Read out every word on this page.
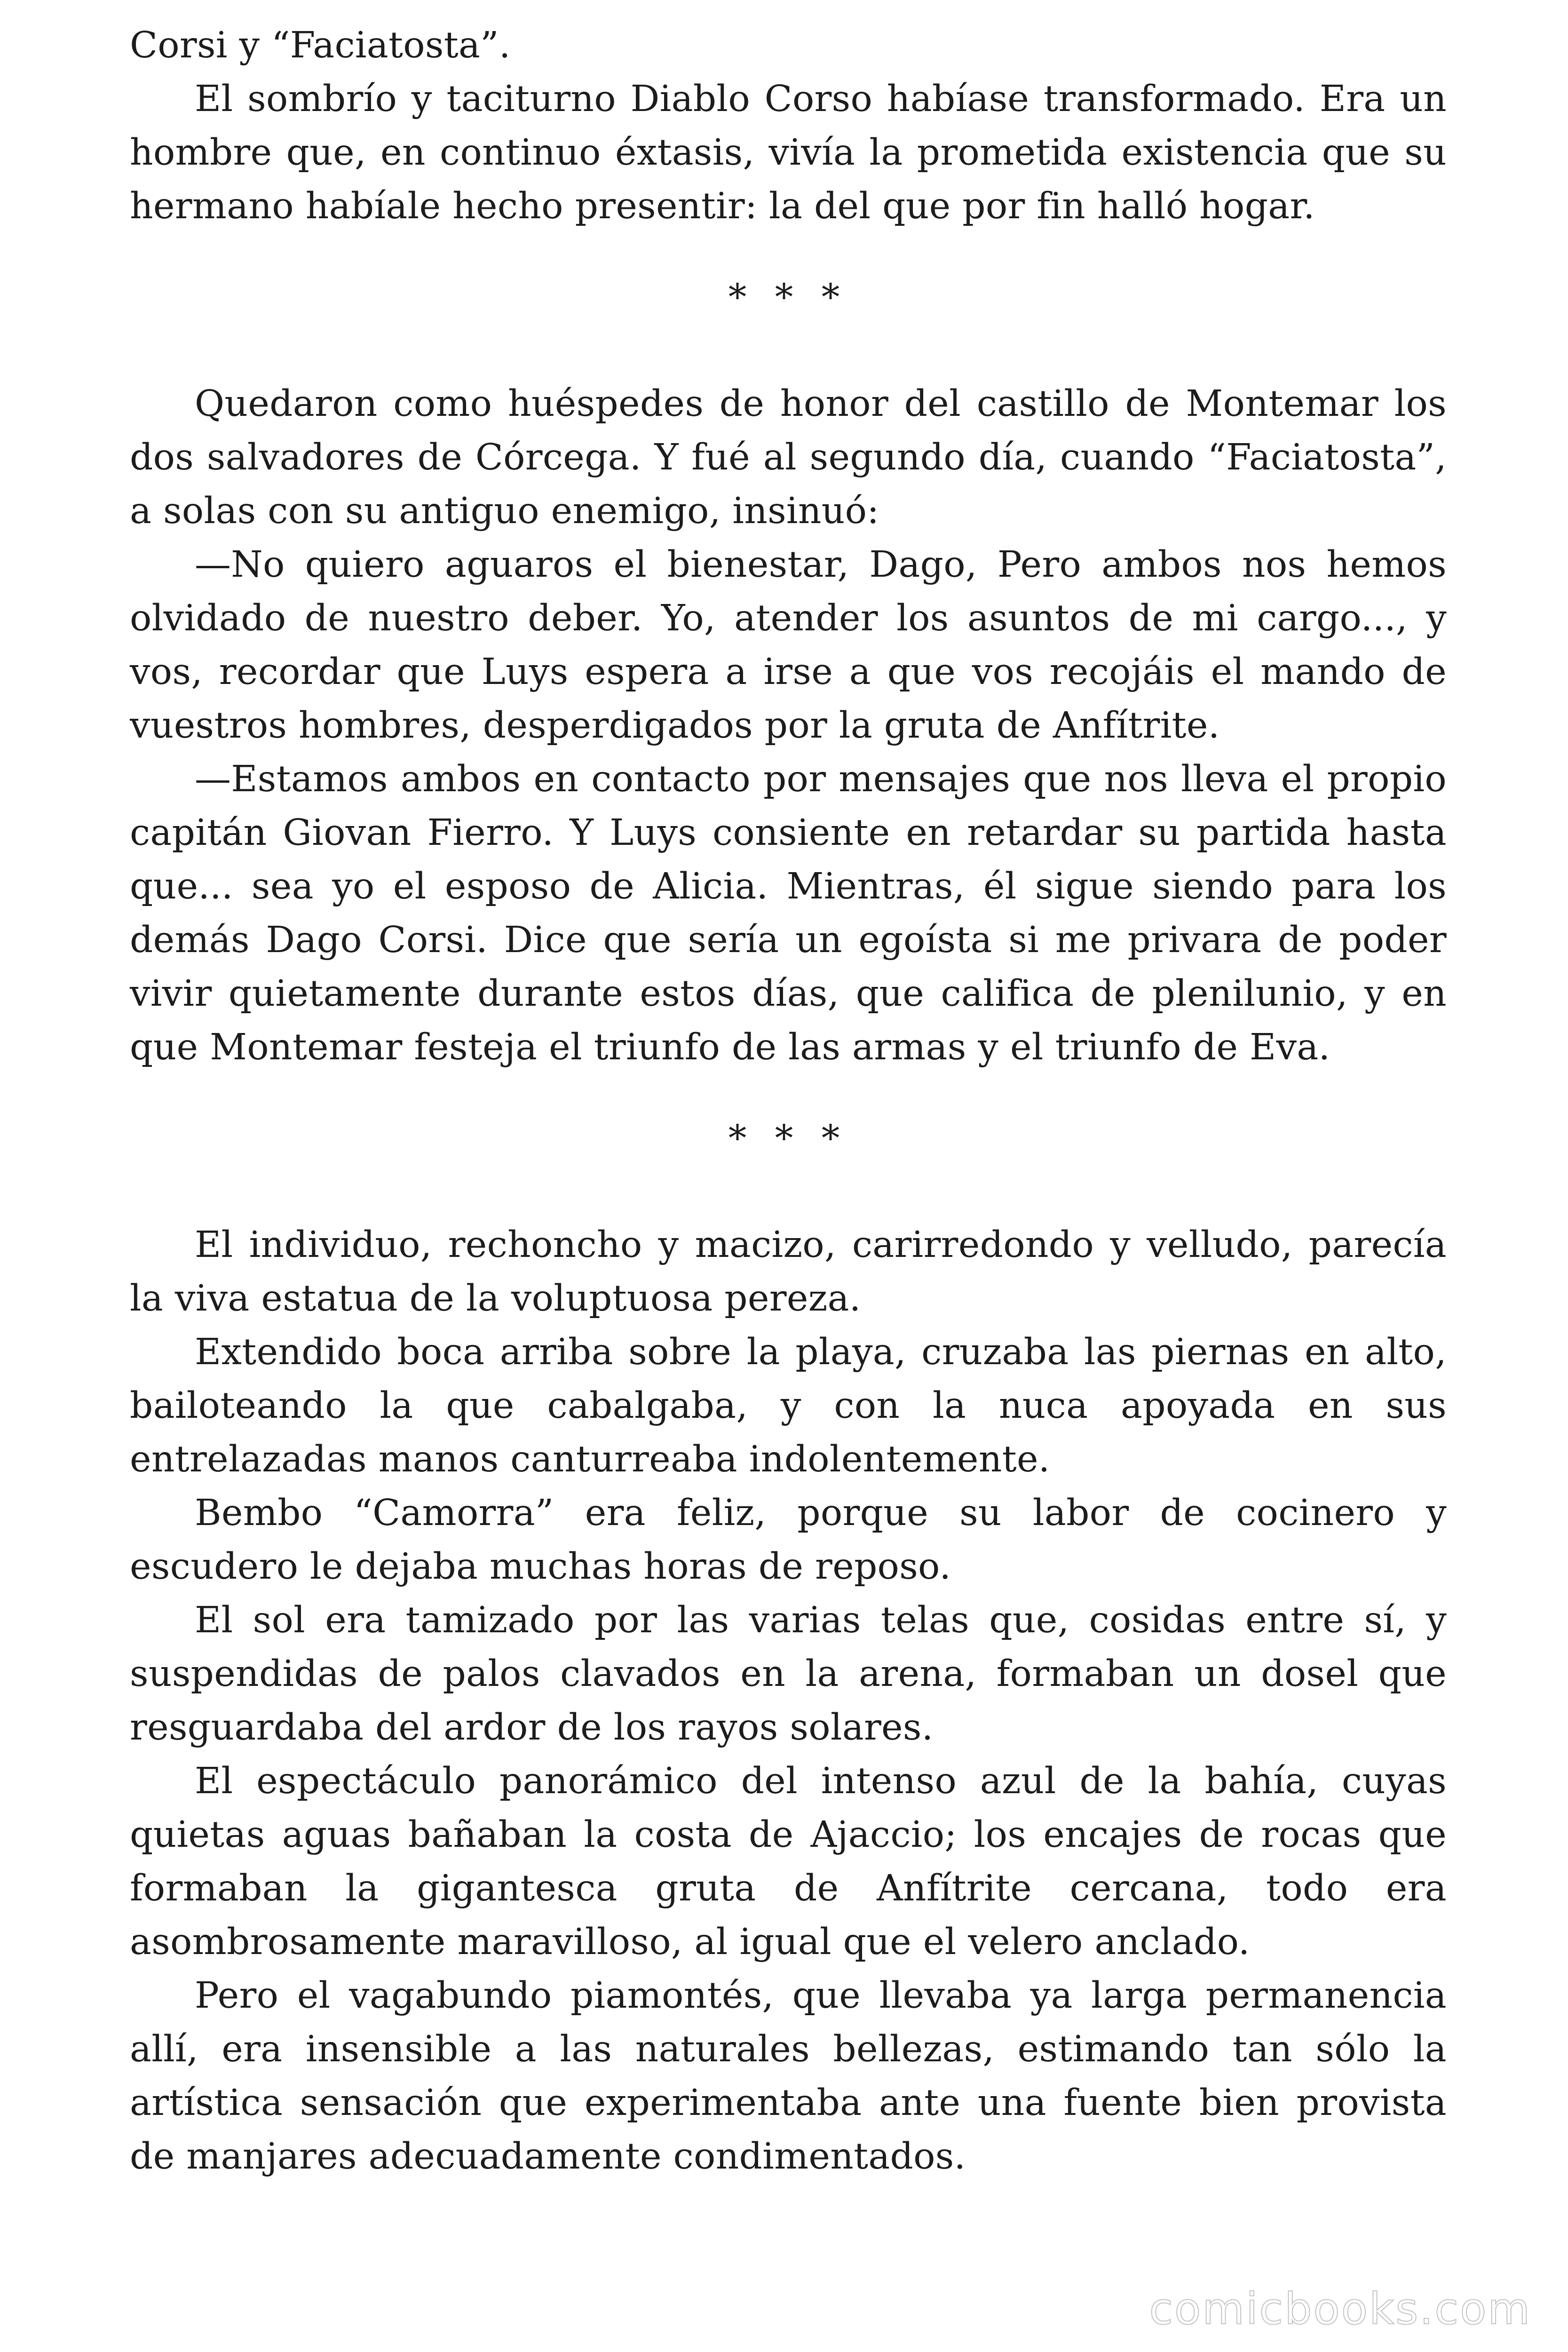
Corsi y “Faciatosta”.

El sombrío y taciturno Diablo Corso habíase transformado. Era un hombre que, en continuo éxtasis, vivía la prometida existencia que su hermano habíale hecho presentir: la del que por fin halló hogar.

* * *

Quedaron como huéspedes de honor del castillo de Montemar los dos salvadores de Córcega. Y fué al segundo día, cuando “Faciatosta”, a solas con su antiguo enemigo, insinuó:

—No quiero aguaros el bienestar, Dago, Pero ambos nos hemos olvidado de nuestro deber. Yo, atender los asuntos de mi cargo..., y vos, recordar que Luys espera a irse a que vos recojáis el mando de vuestros hombres, desperdigados por la gruta de Anfítrite.

—Estamos ambos en contacto por mensajes que nos lleva el propio capitán Giovan Fierro. Y Luys consiente en retardar su partida hasta que... sea yo el esposo de Alicia. Mientras, él sigue siendo para los demás Dago Corsi. Dice que sería un egoísta si me privara de poder vivir quietamente durante estos días, que califica de plenilunio, y en que Montemar festeja el triunfo de las armas y el triunfo de Eva.

* * *

El individuo, rechoncho y macizo, carirredondo y velludo, parecía la viva estatua de la voluptuosa pereza.

Extendido boca arriba sobre la playa, cruzaba las piernas en alto, bailoteando la que cabalgaba, y con la nuca apoyada en sus entrelazadas manos canturreaba indolentemente.

Bembo “Camorra” era feliz, porque su labor de cocinero y escudero le dejaba muchas horas de reposo.

El sol era tamizado por las varias telas que, cosidas entre sí, y suspendidas de palos clavados en la arena, formaban un dosel que resguardaba del ardor de los rayos solares.

El espectáculo panorámico del intenso azul de la bahía, cuyas quietas aguas bañaban la costa de Ajaccio; los encajes de rocas que formaban la gigantesca gruta de Anfítrite cercana, todo era asombrosamente maravilloso, al igual que el velero anclado.

Pero el vagabundo piamontés, que llevaba ya larga permanencia allí, era insensible a las naturales bellezas, estimando tan sólo la artística sensación que experimentaba ante una fuente bien provista de manjares adecuadamente condimentados.

comicbooks.com
